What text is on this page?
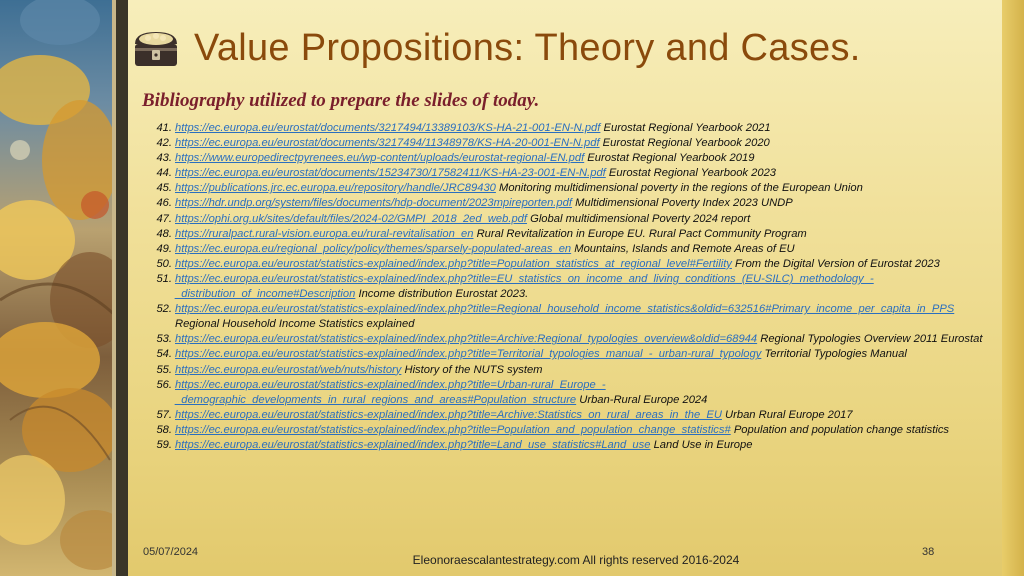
Value Propositions: Theory and Cases.
Bibliography utilized to prepare the slides of today.
41. https://ec.europa.eu/eurostat/documents/3217494/13389103/KS-HA-21-001-EN-N.pdf Eurostat Regional Yearbook 2021
42. https://ec.europa.eu/eurostat/documents/3217494/11348978/KS-HA-20-001-EN-N.pdf Eurostat Regional Yearbook 2020
43. https://www.europedirectpyrenees.eu/wp-content/uploads/eurostat-regional-EN.pdf Eurostat Regional Yearbook 2019
44. https://ec.europa.eu/eurostat/documents/15234730/17582411/KS-HA-23-001-EN-N.pdf Eurostat Regional Yearbook 2023
45. https://publications.jrc.ec.europa.eu/repository/handle/JRC89430 Monitoring multidimensional poverty in the regions of the European Union
46. https://hdr.undp.org/system/files/documents/hdp-document/2023mpireporten.pdf Multidimensional Poverty Index 2023 UNDP
47. https://ophi.org.uk/sites/default/files/2024-02/GMPI_2018_2ed_web.pdf Global multidimensional Poverty 2024 report
48. https://ruralpact.rural-vision.europa.eu/rural-revitalisation_en Rural Revitalization in Europe EU. Rural Pact Community Program
49. https://ec.europa.eu/regional_policy/policy/themes/sparsely-populated-areas_en Mountains, Islands and Remote Areas of EU
50. https://ec.europa.eu/eurostat/statistics-explained/index.php?title=Population_statistics_at_regional_level#Fertility From the Digital Version of Eurostat 2023
51. https://ec.europa.eu/eurostat/statistics-explained/index.php?title=EU_statistics_on_income_and_living_conditions_(EU-SILC)_methodology_-_distribution_of_income#Description Income distribution Eurostat 2023.
52. https://ec.europa.eu/eurostat/statistics-explained/index.php?title=Regional_household_income_statistics&oldid=632516#Primary_income_per_capita_in_PPS Regional Household Income Statistics explained
53. https://ec.europa.eu/eurostat/statistics-explained/index.php?title=Archive:Regional_typologies_overview&oldid=68944 Regional Typologies Overview 2011 Eurostat
54. https://ec.europa.eu/eurostat/statistics-explained/index.php?title=Territorial_typologies_manual_-_urban-rural_typology Territorial Typologies Manual
55. https://ec.europa.eu/eurostat/web/nuts/history History of the NUTS system
56. https://ec.europa.eu/eurostat/statistics-explained/index.php?title=Urban-rural_Europe_-_demographic_developments_in_rural_regions_and_areas#Population_structure Urban-Rural Europe 2024
57. https://ec.europa.eu/eurostat/statistics-explained/index.php?title=Archive:Statistics_on_rural_areas_in_the_EU Urban Rural Europe 2017
58. https://ec.europa.eu/eurostat/statistics-explained/index.php?title=Population_and_population_change_statistics# Population and population change statistics
59. https://ec.europa.eu/eurostat/statistics-explained/index.php?title=Land_use_statistics#Land_use Land Use in Europe
05/07/2024
Eleonoraescalantestrategy.com All rights reserved 2016-2024
38
